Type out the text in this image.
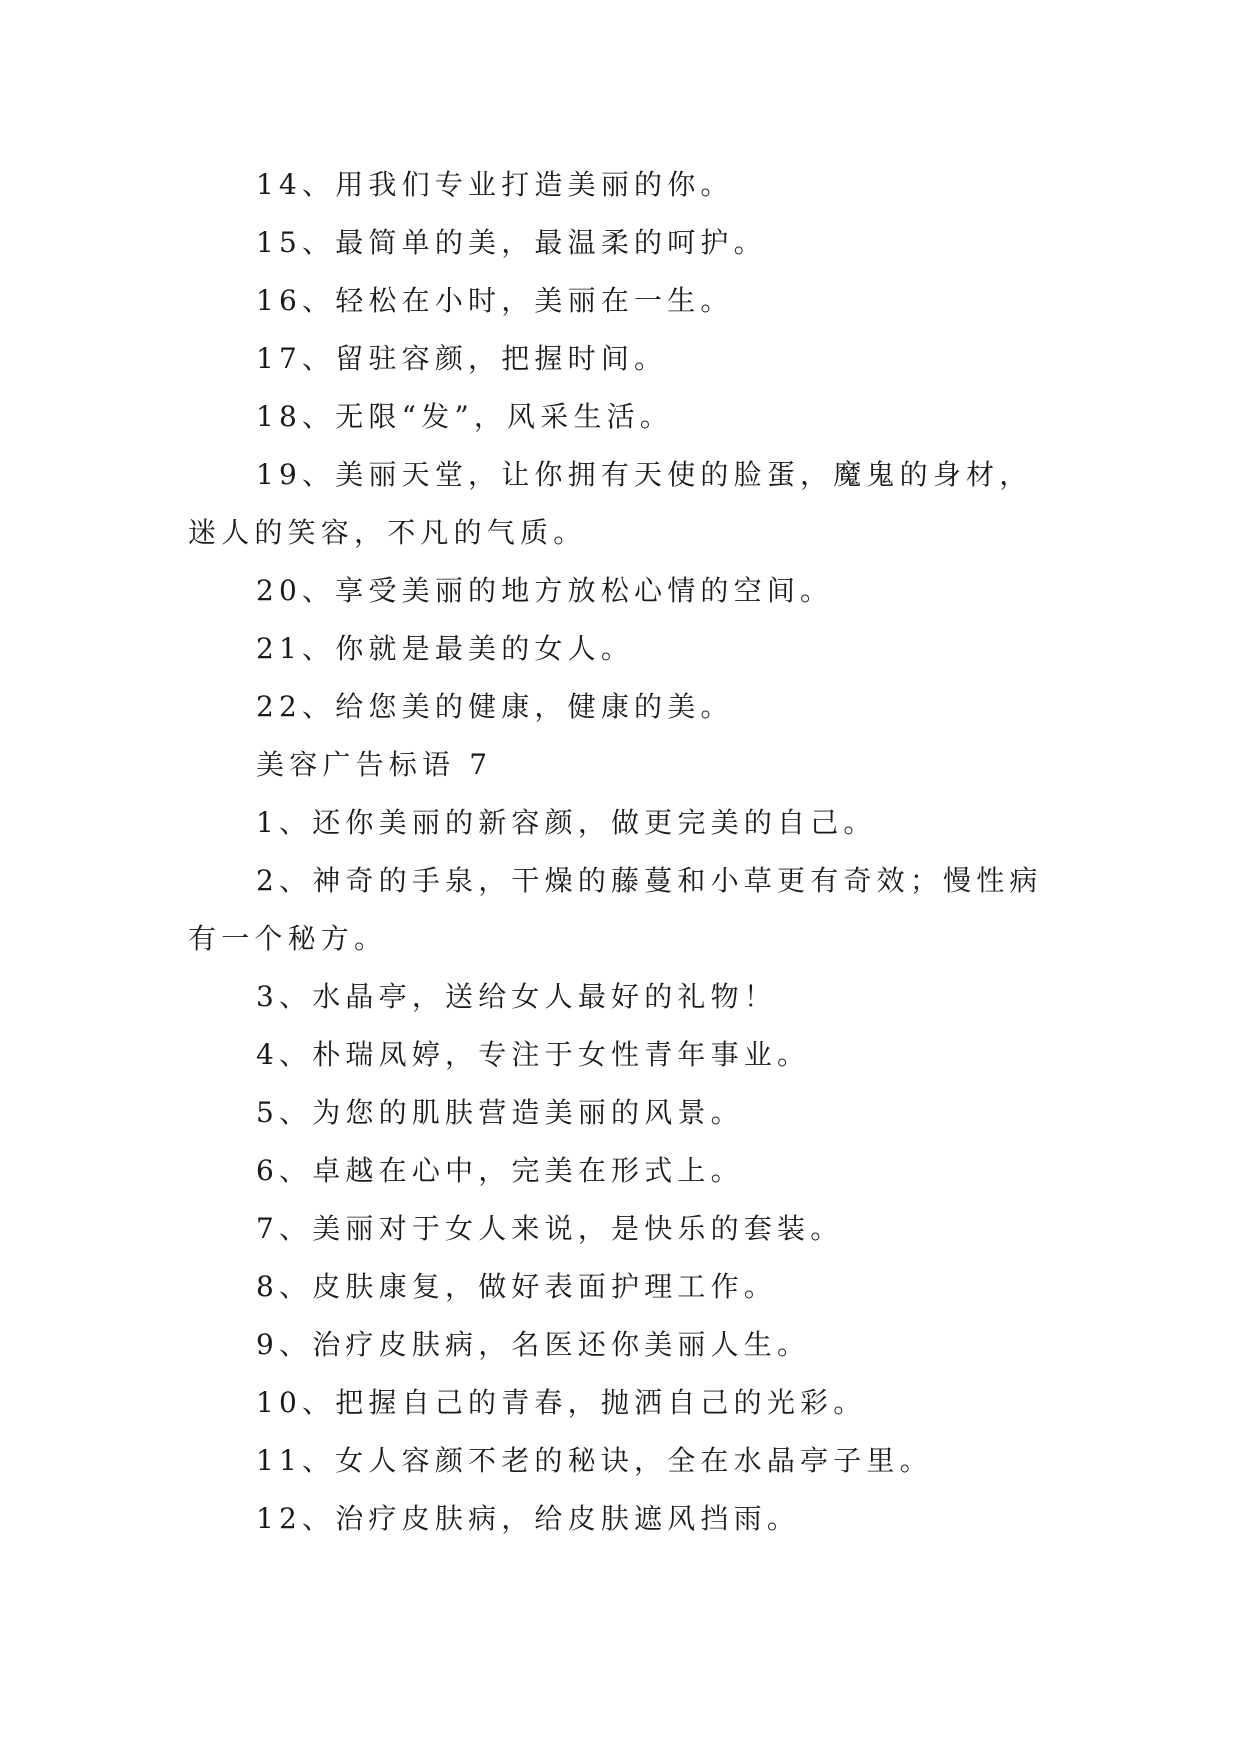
14、用我们专业打造美丽的你。

15、最简单的美，最温柔的呵护。

16、轻松在小时，美丽在一生。

17、留驻容颜，把握时间。

18、无限“发”，风采生活。

19、美丽天堂，让你拥有天使的脸蛋，魔鬼的身材，迷人的笑容，不凡的气质。

20、享受美丽的地方放松心情的空间。

21、你就是最美的女人。

22、给您美的健康，健康的美。

美容广告标语 7

1、还你美丽的新容颜，做更完美的自己。

2、神奇的手泉，干燥的藤蔓和小草更有奇效；慢性病有一个秘方。

3、水晶亭，送给女人最好的礼物！

4、朴瑞凤婷，专注于女性青年事业。

5、为您的肌肤营造美丽的风景。

6、卓越在心中，完美在形式上。

7、美丽对于女人来说，是快乐的套装。

8、皮肤康复，做好表面护理工作。

9、治疗皮肤病，名医还你美丽人生。

10、把握自己的青春，抛洒自己的光彩。

11、女人容颜不老的秘诀，全在水晶亭子里。

12、治疗皮肤病，给皮肤遮风挡雨。
